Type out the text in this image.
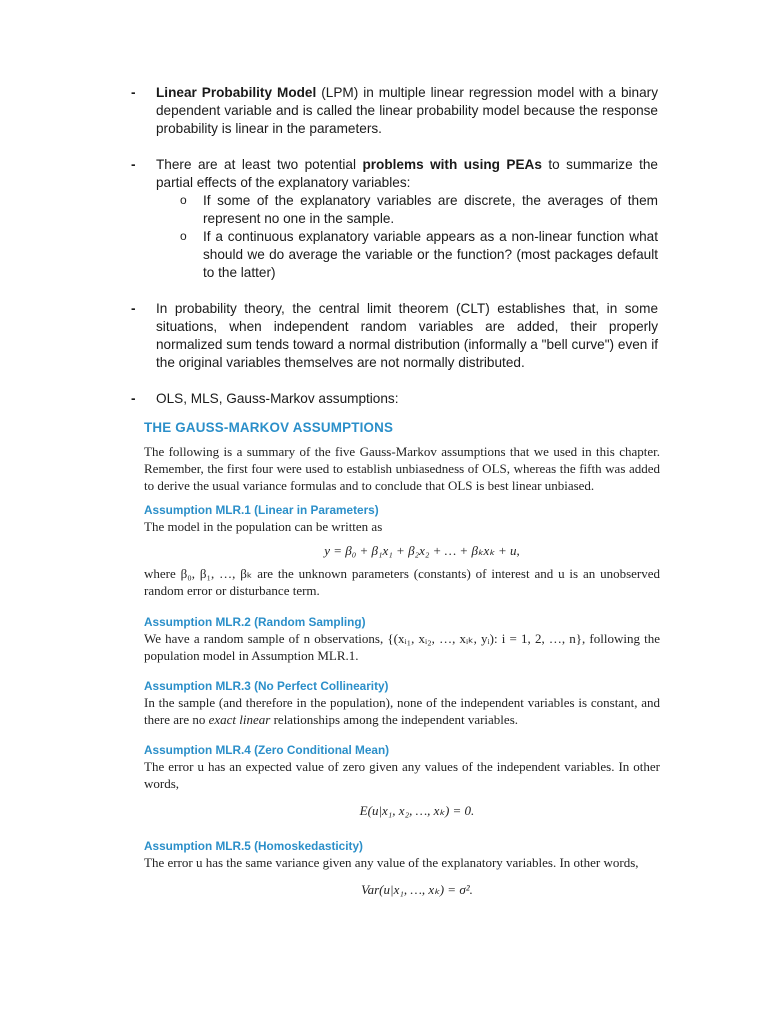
- Linear Probability Model (LPM) in multiple linear regression model with a binary dependent variable and is called the linear probability model because the response probability is linear in the parameters.
- There are at least two potential problems with using PEAs to summarize the partial effects of the explanatory variables:
o If some of the explanatory variables are discrete, the averages of them represent no one in the sample.
o If a continuous explanatory variable appears as a non-linear function what should we do average the variable or the function? (most packages default to the latter)
- In probability theory, the central limit theorem (CLT) establishes that, in some situations, when independent random variables are added, their properly normalized sum tends toward a normal distribution (informally a "bell curve") even if the original variables themselves are not normally distributed.
- OLS, MLS, Gauss-Markov assumptions:
THE GAUSS-MARKOV ASSUMPTIONS

The following is a summary of the five Gauss-Markov assumptions that we used in this chapter. Remember, the first four were used to establish unbiasedness of OLS, whereas the fifth was added to derive the usual variance formulas and to conclude that OLS is best linear unbiased.

Assumption MLR.1 (Linear in Parameters)

The model in the population can be written as

y = β₀ + β₁x₁ + β₂x₂ + … + βₖxₖ + u,

where β₀, β₁, …, βₖ are the unknown parameters (constants) of interest and u is an unobserved random error or disturbance term.

Assumption MLR.2 (Random Sampling)

We have a random sample of n observations, {(xᵢ₁, xᵢ₂, …, xᵢₖ, yᵢ): i = 1, 2, …, n}, following the population model in Assumption MLR.1.

Assumption MLR.3 (No Perfect Collinearity)

In the sample (and therefore in the population), none of the independent variables is constant, and there are no exact linear relationships among the independent variables.

Assumption MLR.4 (Zero Conditional Mean)

The error u has an expected value of zero given any values of the independent variables. In other words,

E(u|x₁, x₂, …, xₖ) = 0.
Assumption MLR.5 (Homoskedasticity)

The error u has the same variance given any value of the explanatory variables. In other words,

Var(u|x₁, …, xₖ) = σ².
